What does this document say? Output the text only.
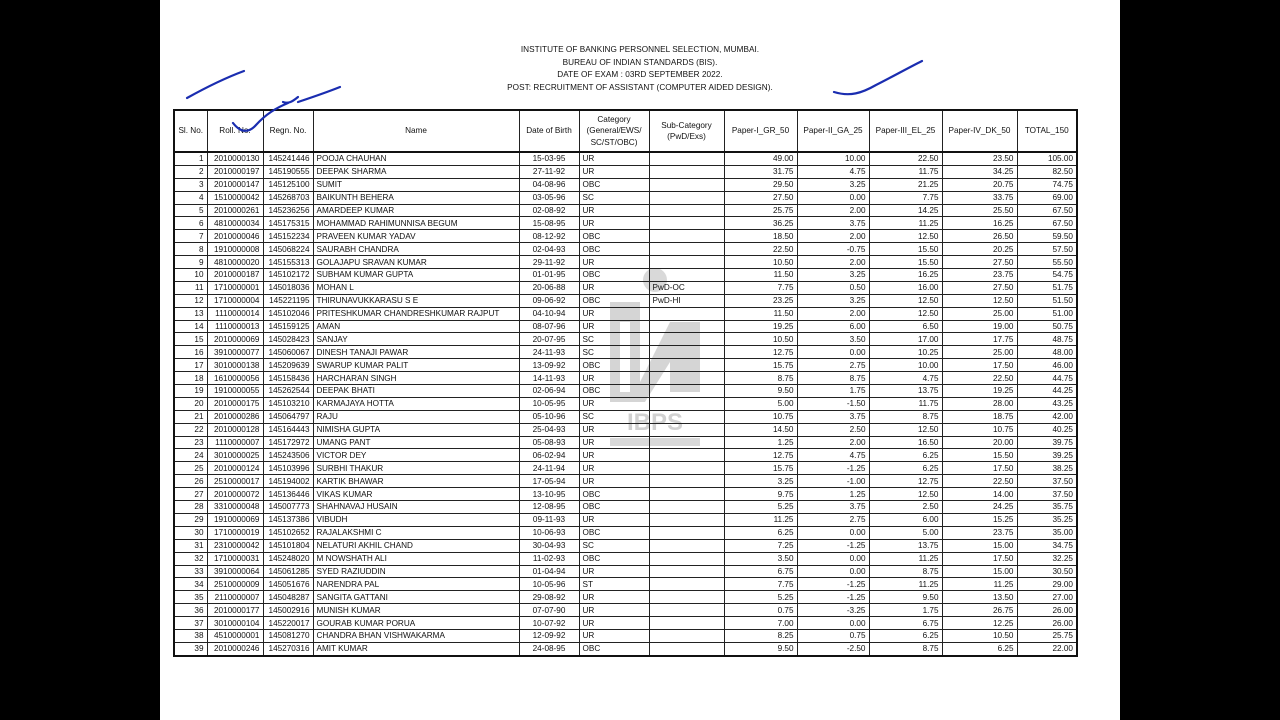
INSTITUTE OF BANKING PERSONNEL SELECTION, MUMBAI.
BUREAU OF INDIAN STANDARDS (BIS).
DATE OF EXAM : 03RD SEPTEMBER 2022.
POST: RECRUITMENT OF ASSISTANT (COMPUTER AIDED DESIGN).
IBPS
Sl. No.	Roll. No.	Regn. No.	Name	Date of Birth	Category (General/EWS/ SC/ST/OBC)	Sub-Category (PwD/Exs)	Paper-I_GR_50	Paper-II_GA_25	Paper-III_EL_25	Paper-IV_DK_50	TOTAL_150
1	2010000130	145241446	POOJA CHAUHAN	15-03-95	UR		49.00	10.00	22.50	23.50	105.00
2	2010000197	145190555	DEEPAK SHARMA	27-11-92	UR		31.75	4.75	11.75	34.25	82.50
3	2010000147	145125100	SUMIT	04-08-96	OBC		29.50	3.25	21.25	20.75	74.75
4	1510000042	145268703	BAIKUNTH BEHERA	03-05-96	SC		27.50	0.00	7.75	33.75	69.00
5	2010000261	145236256	AMARDEEP KUMAR	02-08-92	UR		25.75	2.00	14.25	25.50	67.50
6	4810000034	145175315	MOHAMMAD RAHIMUNNISA BEGUM	15-08-95	UR		36.25	3.75	11.25	16.25	67.50
7	2010000046	145152234	PRAVEEN KUMAR YADAV	08-12-92	OBC		18.50	2.00	12.50	26.50	59.50
8	1910000008	145068224	SAURABH CHANDRA	02-04-93	OBC		22.50	-0.75	15.50	20.25	57.50
9	4810000020	145155313	GOLAJAPU SRAVAN KUMAR	29-11-92	UR		10.50	2.00	15.50	27.50	55.50
10	2010000187	145102172	SUBHAM KUMAR GUPTA	01-01-95	OBC		11.50	3.25	16.25	23.75	54.75
11	1710000001	145018036	MOHAN L	20-06-88	UR	PwD-OC	7.75	0.50	16.00	27.50	51.75
12	1710000004	145221195	THIRUNAVUKKARASU S E	09-06-92	OBC	PwD-HI	23.25	3.25	12.50	12.50	51.50
13	1110000014	145102046	PRITESHKUMAR CHANDRESHKUMAR RAJPUT	04-10-94	UR		11.50	2.00	12.50	25.00	51.00
14	1110000013	145159125	AMAN	08-07-96	UR		19.25	6.00	6.50	19.00	50.75
15	2010000069	145028423	SANJAY	20-07-95	SC		10.50	3.50	17.00	17.75	48.75
16	3910000077	145060067	DINESH TANAJI PAWAR	24-11-93	SC		12.75	0.00	10.25	25.00	48.00
17	3010000138	145209639	SWARUP KUMAR PALIT	13-09-92	OBC		15.75	2.75	10.00	17.50	46.00
18	1610000056	145158436	HARCHARAN SINGH	14-11-93	UR		8.75	8.75	4.75	22.50	44.75
19	1910000055	145262544	DEEPAK BHATI	02-06-94	OBC		9.50	1.75	13.75	19.25	44.25
20	2010000175	145103210	KARMAJAYA HOTTA	10-05-95	UR		5.00	-1.50	11.75	28.00	43.25
21	2010000286	145064797	RAJU	05-10-96	SC		10.75	3.75	8.75	18.75	42.00
22	2010000128	145164443	NIMISHA GUPTA	25-04-93	UR		14.50	2.50	12.50	10.75	40.25
23	1110000007	145172972	UMANG PANT	05-08-93	UR		1.25	2.00	16.50	20.00	39.75
24	3010000025	145243506	VICTOR DEY	06-02-94	UR		12.75	4.75	6.25	15.50	39.25
25	2010000124	145103996	SURBHI THAKUR	24-11-94	UR		15.75	-1.25	6.25	17.50	38.25
26	2510000017	145194002	KARTIK BHAWAR	17-05-94	UR		3.25	-1.00	12.75	22.50	37.50
27	2010000072	145136446	VIKAS KUMAR	13-10-95	OBC		9.75	1.25	12.50	14.00	37.50
28	3310000048	145007773	SHAHNAVAJ HUSAIN	12-08-95	OBC		5.25	3.75	2.50	24.25	35.75
29	1910000069	145137386	VIBUDH	09-11-93	UR		11.25	2.75	6.00	15.25	35.25
30	1710000019	145102652	RAJALAKSHMI C	10-06-93	OBC		6.25	0.00	5.00	23.75	35.00
31	2310000042	145101804	NELATURI AKHIL CHAND	30-04-93	SC		7.25	-1.25	13.75	15.00	34.75
32	1710000031	145248020	M NOWSHATH ALI	11-02-93	OBC		3.50	0.00	11.25	17.50	32.25
33	3910000064	145061285	SYED RAZIUDDIN	01-04-94	UR		6.75	0.00	8.75	15.00	30.50
34	2510000009	145051676	NARENDRA PAL	10-05-96	ST		7.75	-1.25	11.25	11.25	29.00
35	2110000007	145048287	SANGITA GATTANI	29-08-92	UR		5.25	-1.25	9.50	13.50	27.00
36	2010000177	145002916	MUNISH KUMAR	07-07-90	UR		0.75	-3.25	1.75	26.75	26.00
37	3010000104	145220017	GOURAB KUMAR PORUA	10-07-92	UR		7.00	0.00	6.75	12.25	26.00
38	4510000001	145081270	CHANDRA BHAN VISHWAKARMA	12-09-92	UR		8.25	0.75	6.25	10.50	25.75
39	2010000246	145270316	AMIT KUMAR	24-08-95	OBC		9.50	-2.50	8.75	6.25	22.00
